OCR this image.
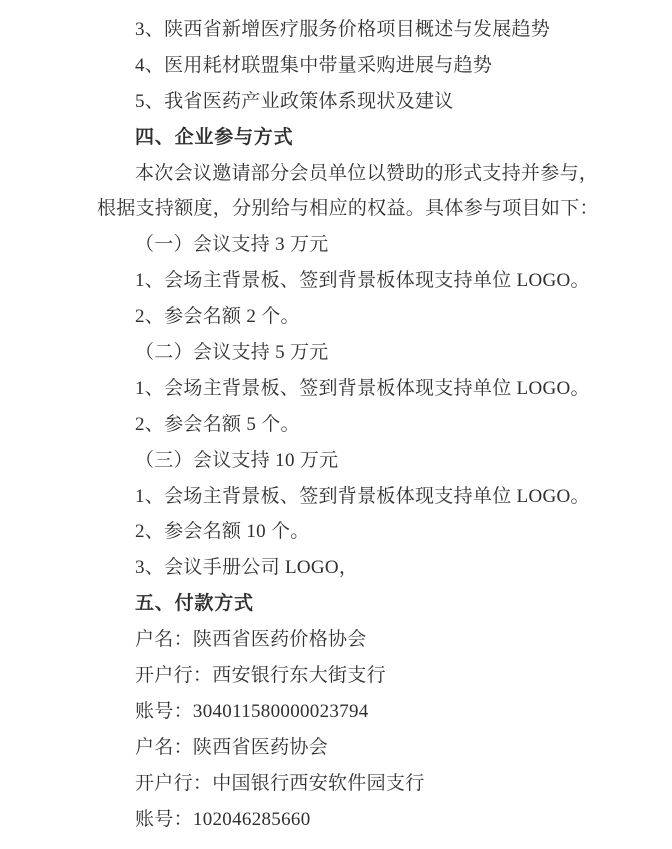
3、陕西省新增医疗服务价格项目概述与发展趋势
4、医用耗材联盟集中带量采购进展与趋势
5、我省医药产业政策体系现状及建议
四、企业参与方式
本次会议邀请部分会员单位以赞助的形式支持并参与，
根据支持额度，分别给与相应的权益。具体参与项目如下：
（一）会议支持 3 万元
1、会场主背景板、签到背景板体现支持单位 LOGO。
2、参会名额 2 个。
（二）会议支持 5 万元
1、会场主背景板、签到背景板体现支持单位 LOGO。
2、参会名额 5 个。
（三）会议支持 10 万元
1、会场主背景板、签到背景板体现支持单位 LOGO。
2、参会名额 10 个。
3、会议手册公司 LOGO，
五、付款方式
户名：陕西省医药价格协会
开户行：西安银行东大街支行
账号：304011580000023794
户名：陕西省医药协会
开户行：中国银行西安软件园支行
账号：102046285660
